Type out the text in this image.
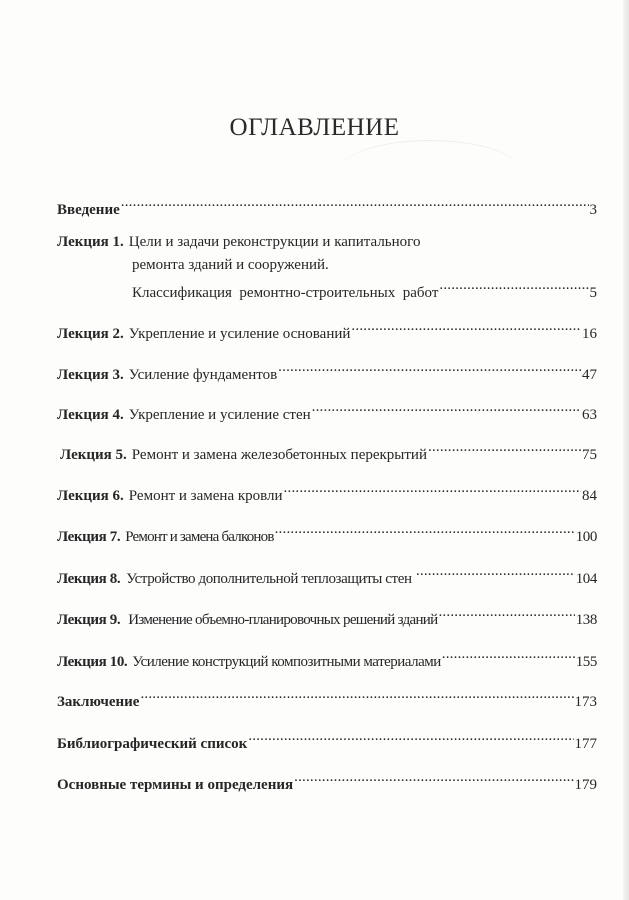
ОГЛАВЛЕНИЕ
Введение .....	3
Лекция 1. Цели и задачи реконструкции и капитального
ремонта зданий и сооружений.
Классификация  ремонтно-строительных  работ .....	5
Лекция 2. Укрепление и усиление оснований .....	16
Лекция 3. Усиление фундаментов .....	47
Лекция 4. Укрепление и усиление стен .....	63
Лекция 5. Ремонт и замена железобетонных перекрытий .....	75
Лекция 6. Ремонт и замена кровли .....	84
Лекция 7. Ремонт и замена балконов .....	100
Лекция 8. Устройство дополнительной теплозащиты стен .....	104
Лекция 9. Изменение объемно-планировочных решений зданий .....	138
Лекция 10. Усиление конструкций композитными материалами .....	155
Заключение .....	173
Библиографический список .....	177
Основные термины и определения .....	179
